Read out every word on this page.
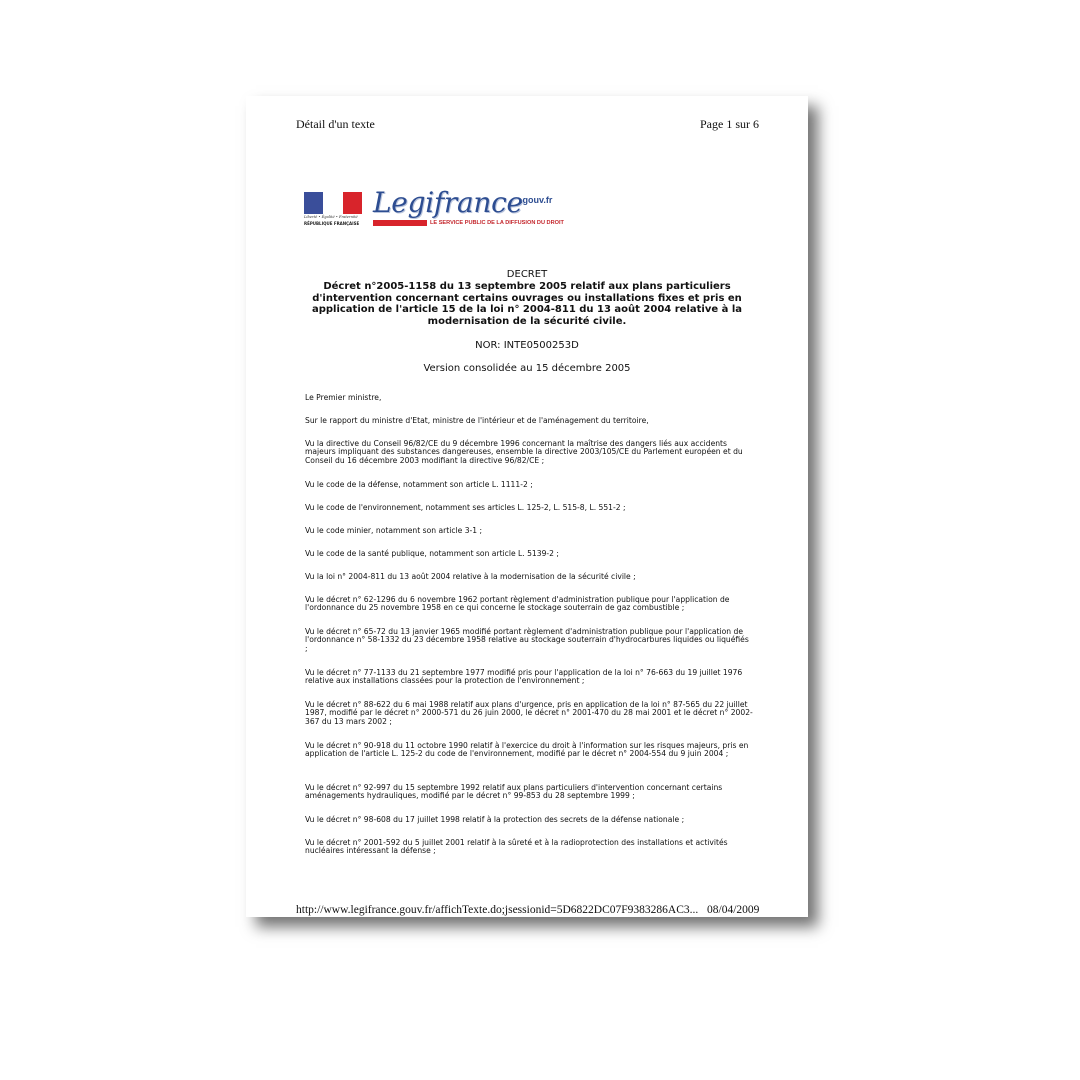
Détail d'un texte	Page 1 sur 6
Liberté • Égalité • Fraternité
RÉPUBLIQUE FRANÇAISE
Legifrance
.gouv.fr
LE SERVICE PUBLIC DE LA DIFFUSION DU DROIT
DECRET
Décret n°2005-1158 du 13 septembre 2005 relatif aux plans particuliers d'intervention concernant certains ouvrages ou installations fixes et pris en application de l'article 15 de la loi n° 2004-811 du 13 août 2004 relative à la modernisation de la sécurité civile.
NOR: INTE0500253D
Version consolidée au 15 décembre 2005
Le Premier ministre,
Sur le rapport du ministre d'Etat, ministre de l'intérieur et de l'aménagement du territoire,
Vu la directive du Conseil 96/82/CE du 9 décembre 1996 concernant la maîtrise des dangers liés aux accidents majeurs impliquant des substances dangereuses, ensemble la directive 2003/105/CE du Parlement européen et du Conseil du 16 décembre 2003 modifiant la directive 96/82/CE ;
Vu le code de la défense, notamment son article L. 1111-2 ;
Vu le code de l'environnement, notamment ses articles L. 125-2, L. 515-8, L. 551-2 ;
Vu le code minier, notamment son article 3-1 ;
Vu le code de la santé publique, notamment son article L. 5139-2 ;
Vu la loi n° 2004-811 du 13 août 2004 relative à la modernisation de la sécurité civile ;
Vu le décret n° 62-1296 du 6 novembre 1962 portant règlement d'administration publique pour l'application de l'ordonnance du 25 novembre 1958 en ce qui concerne le stockage souterrain de gaz combustible ;
Vu le décret n° 65-72 du 13 janvier 1965 modifié portant règlement d'administration publique pour l'application de l'ordonnance n° 58-1332 du 23 décembre 1958 relative au stockage souterrain d'hydrocarbures liquides ou liquéfiés ;
Vu le décret n° 77-1133 du 21 septembre 1977 modifié pris pour l'application de la loi n° 76-663 du 19 juillet 1976 relative aux installations classées pour la protection de l'environnement ;
Vu le décret n° 88-622 du 6 mai 1988 relatif aux plans d'urgence, pris en application de la loi n° 87-565 du 22 juillet 1987, modifié par le décret n° 2000-571 du 26 juin 2000, le décret n° 2001-470 du 28 mai 2001 et le décret n° 2002-367 du 13 mars 2002 ;
Vu le décret n° 90-918 du 11 octobre 1990 relatif à l'exercice du droit à l'information sur les risques majeurs, pris en application de l'article L. 125-2 du code de l'environnement, modifié par le décret n° 2004-554 du 9 juin 2004 ;
Vu le décret n° 92-997 du 15 septembre 1992 relatif aux plans particuliers d'intervention concernant certains aménagements hydrauliques, modifié par le décret n° 99-853 du 28 septembre 1999 ;
Vu le décret n° 98-608 du 17 juillet 1998 relatif à la protection des secrets de la défense nationale ;
Vu le décret n° 2001-592 du 5 juillet 2001 relatif à la sûreté et à la radioprotection des installations et activités nucléaires intéressant la défense ;
http://www.legifrance.gouv.fr/affichTexte.do;jsessionid=5D6822DC07F9383286AC3... 08/04/2009
